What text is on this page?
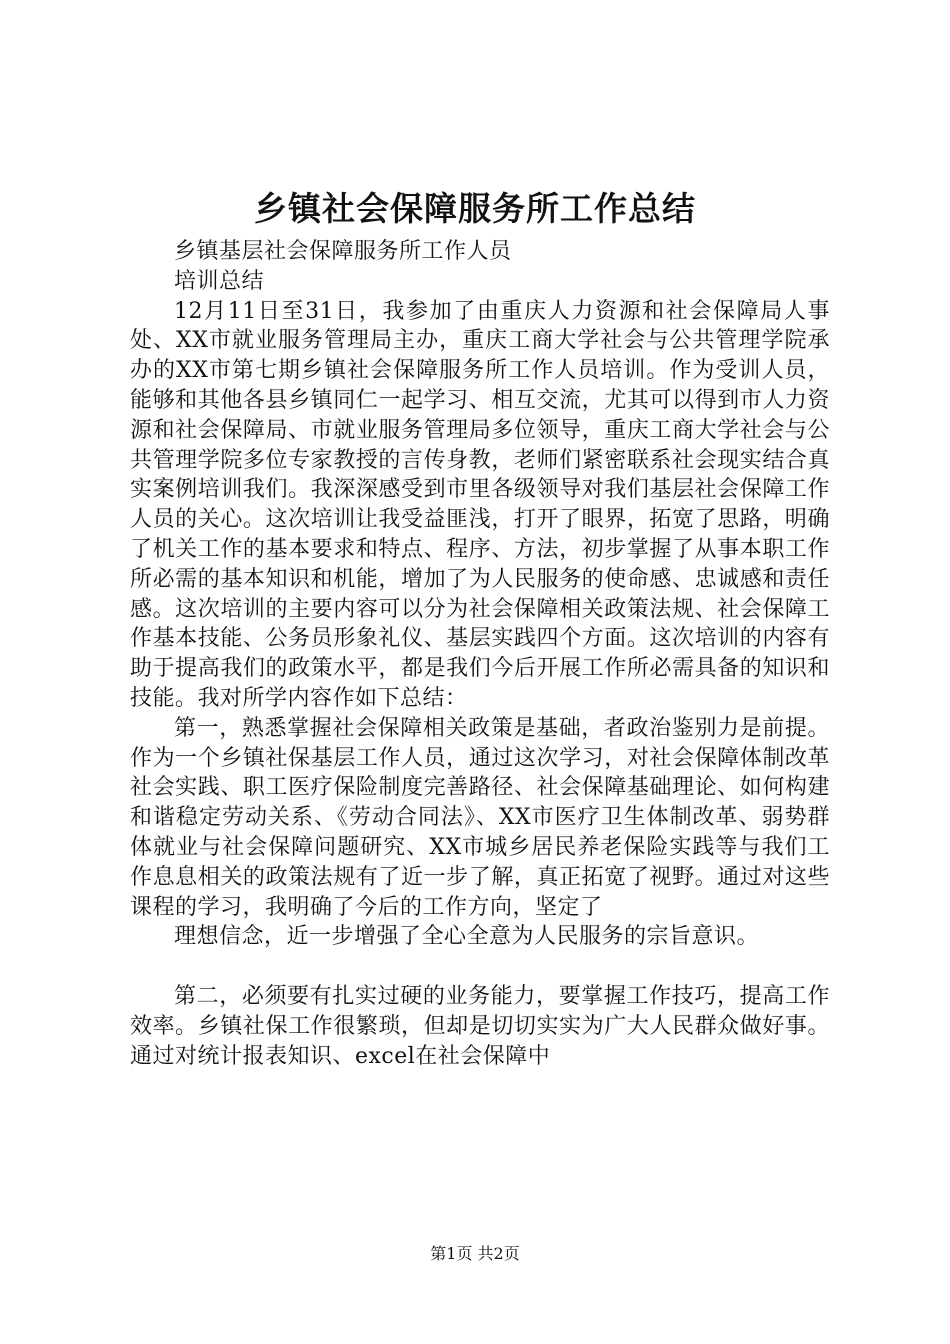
乡镇社会保障服务所工作总结

乡镇基层社会保障服务所工作人员

培训总结

12月11日至31日，我参加了由重庆人力资源和社会保障局人事处、XX市就业服务管理局主办，重庆工商大学社会与公共管理学院承办的XX市第七期乡镇社会保障服务所工作人员培训。作为受训人员，能够和其他各县乡镇同仁一起学习、相互交流，尤其可以得到市人力资源和社会保障局、市就业服务管理局多位领导，重庆工商大学社会与公共管理学院多位专家教授的言传身教，老师们紧密联系社会现实结合真实案例培训我们。我深深感受到市里各级领导对我们基层社会保障工作人员的关心。这次培训让我受益匪浅，打开了眼界，拓宽了思路，明确了机关工作的基本要求和特点、程序、方法，初步掌握了从事本职工作所必需的基本知识和机能，增加了为人民服务的使命感、忠诚感和责任感。这次培训的主要内容可以分为社会保障相关政策法规、社会保障工作基本技能、公务员形象礼仪、基层实践四个方面。这次培训的内容有助于提高我们的政策水平，都是我们今后开展工作所必需具备的知识和技能。我对所学内容作如下总结：

第一，熟悉掌握社会保障相关政策是基础，者政治鉴别力是前提。作为一个乡镇社保基层工作人员，通过这次学习，对社会保障体制改革社会实践、职工医疗保险制度完善路径、社会保障基础理论、如何构建和谐稳定劳动关系、《劳动合同法》、XX市医疗卫生体制改革、弱势群体就业与社会保障问题研究、XX市城乡居民养老保险实践等与我们工作息息相关的政策法规有了近一步了解，真正拓宽了视野。通过对这些课程的学习，我明确了今后的工作方向，坚定了

理想信念，近一步增强了全心全意为人民服务的宗旨意识。

第二，必须要有扎实过硬的业务能力，要掌握工作技巧，提高工作效率。乡镇社保工作很繁琐，但却是切切实实为广大人民群众做好事。通过对统计报表知识、excel在社会保障中

第1页 共2页
